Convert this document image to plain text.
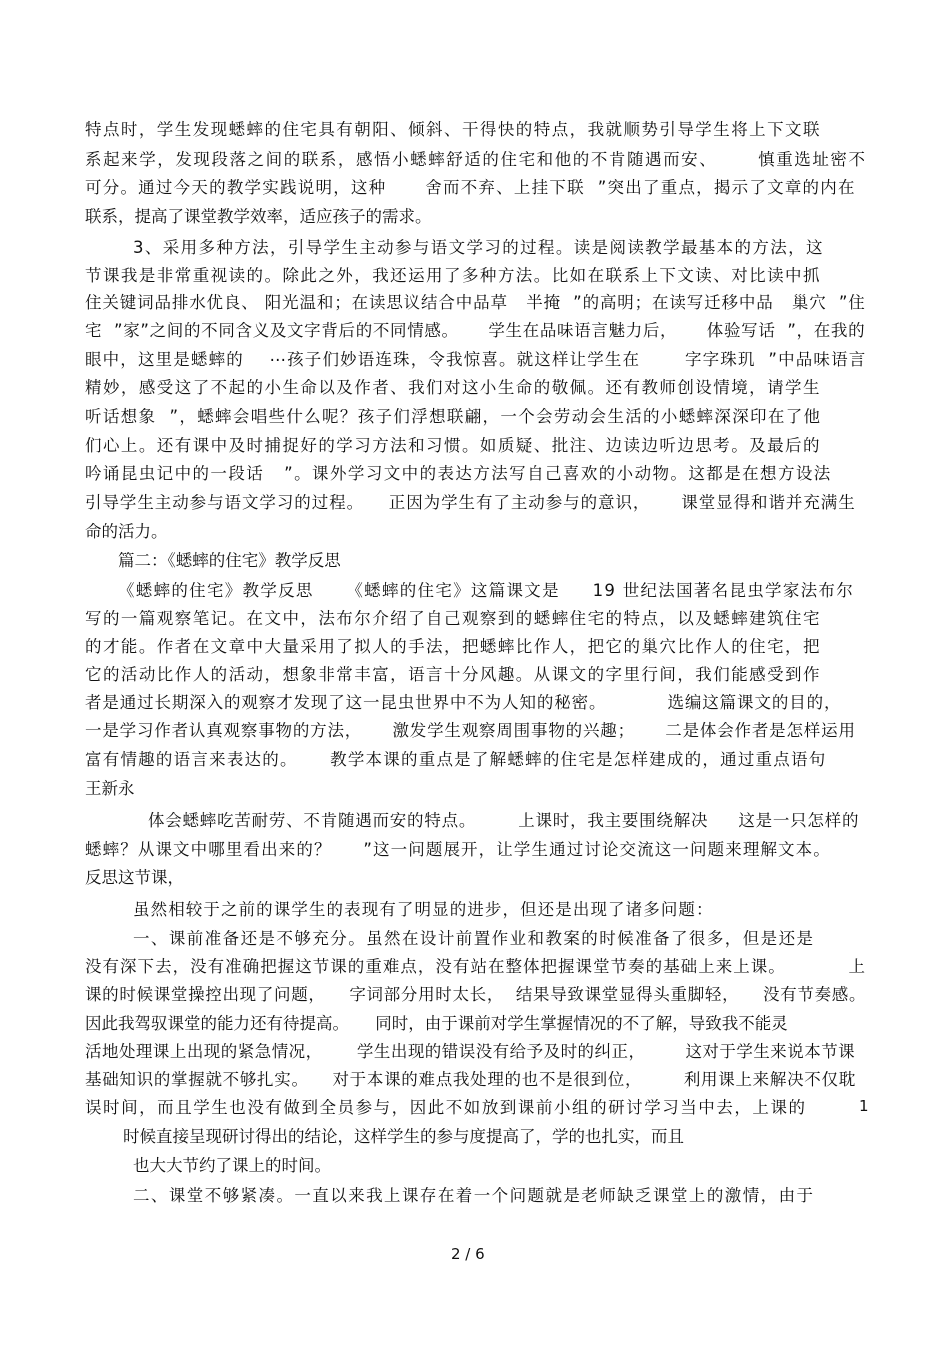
特点时，学生发现蟋蟀的住宅具有朝阳、倾斜、干得快的特点，我就顺势引导学生将上下文联
系起来学，发现段落之间的联系，感悟小蟋蟀舒适的住宅和他的不肯随遇而安、      慎重选址密不
可分。通过今天的教学实践说明，这种      舍而不弃、上挂下联  ”突出了重点，揭示了文章的内在
联系，提高了课堂教学效率，适应孩子的需求。
3、采用多种方法，引导学生主动参与语文学习的过程。读是阅读教学最基本的方法，这
节课我是非常重视读的。除此之外，我还运用了多种方法。比如在联系上下文读、对比读中抓
住关键词品排水优良、 阳光温和；在读思议结合中品草   半掩  ”的高明；在读写迁移中品   巢穴  ”住
宅  ”家”之间的不同含义及文字背后的不同情感。     学生在品味语言魅力后，     体验写话  ”，在我的
眼中，这里是蟋蟀的    ⋯孩子们妙语连珠，令我惊喜。就这样让学生在       字字珠玑  ”中品味语言
精妙，感受这了不起的小生命以及作者、我们对这小生命的敬佩。还有教师创设情境，请学生
听话想象  ”，蟋蟀会唱些什么呢？孩子们浮想联翩，一个会劳动会生活的小蟋蟀深深印在了他
们心上。还有课中及时捕捉好的学习方法和习惯。如质疑、批注、边读边听边思考。及最后的
吟诵昆虫记中的一段话   ”。课外学习文中的表达方法写自己喜欢的小动物。这都是在想方设法
引导学生主动参与语文学习的过程。    正因为学生有了主动参与的意识，     课堂显得和谐并充满生
命的活力。
篇二：《蟋蟀的住宅》教学反思
《蟋蟀的住宅》教学反思     《蟋蟀的住宅》这篇课文是     19 世纪法国著名昆虫学家法布尔
写的一篇观察笔记。在文中，法布尔介绍了自己观察到的蟋蟀住宅的特点，以及蟋蟀建筑住宅
的才能。作者在文章中大量采用了拟人的手法，把蟋蟀比作人，把它的巢穴比作人的住宅，把
它的活动比作人的活动，想象非常丰富，语言十分风趣。从课文的字里行间，我们能感受到作
者是通过长期深入的观察才发现了这一昆虫世界中不为人知的秘密。          选编这篇课文的目的，
一是学习作者认真观察事物的方法，     激发学生观察周围事物的兴趣；     二是体会作者是怎样运用
富有情趣的语言来表达的。     教学本课的重点是了解蟋蟀的住宅是怎样建成的，通过重点语句
王新永
体会蟋蟀吃苦耐劳、不肯随遇而安的特点。       上课时，我主要围绕解决     这是一只怎样的
蟋蟀？从课文中哪里看出来的？     ”这一问题展开，让学生通过讨论交流这一问题来理解文本。
反思这节课，
虽然相较于之前的课学生的表现有了明显的进步，但还是出现了诸多问题：
一、课前准备还是不够充分。虽然在设计前置作业和教案的时候准备了很多，但是还是
没有深下去，没有准确把握这节课的重难点，没有站在整体把握课堂节奏的基础上来上课。          上
课的时候课堂操控出现了问题，    字词部分用时太长，  结果导致课堂显得头重脚轻，    没有节奏感。
因此我驾驭课堂的能力还有待提高。     同时，由于课前对学生掌握情况的不了解，导致我不能灵
活地处理课上出现的紧急情况，      学生出现的错误没有给予及时的纠正，       这对于学生来说本节课
基础知识的掌握就不够扎实。    对于本课的难点我处理的也不是很到位，       利用课上来解决不仅耽
误时间，而且学生也没有做到全员参与，因此不如放到课前小组的研讨学习当中去，上课的
时候直接呈现研讨得出的结论，这样学生的参与度提高了，学的也扎实，而且
也大大节约了课上的时间。
二、课堂不够紧凑。一直以来我上课存在着一个问题就是老师缺乏课堂上的激情，由于
1
2 / 6
